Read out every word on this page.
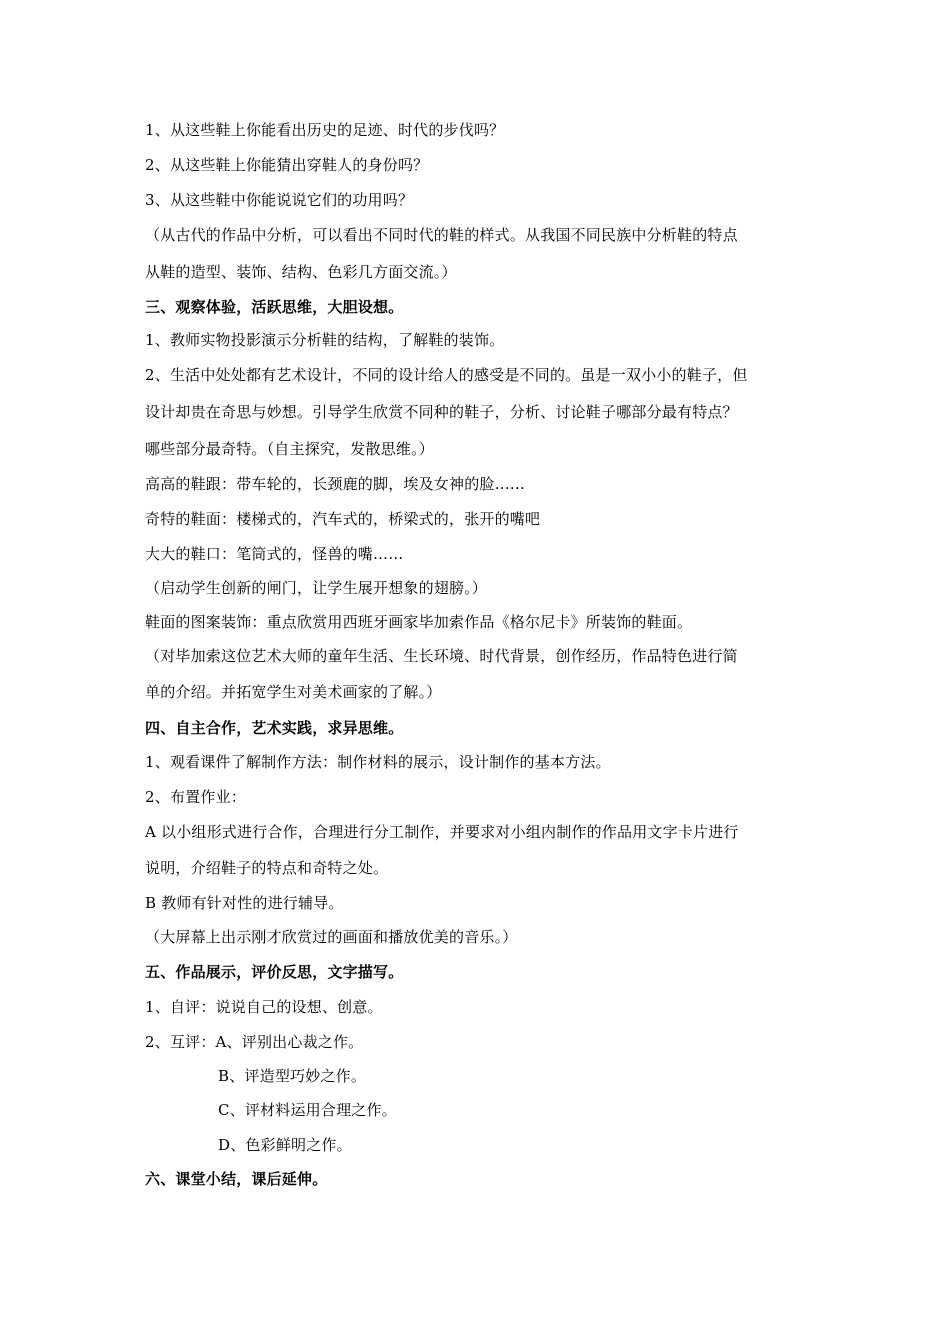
1、从这些鞋上你能看出历史的足迹、时代的步伐吗？
2、从这些鞋上你能猜出穿鞋人的身份吗？
3、从这些鞋中你能说说它们的功用吗？
（从古代的作品中分析，可以看出不同时代的鞋的样式。从我国不同民族中分析鞋的特点
从鞋的造型、装饰、结构、色彩几方面交流。）
三、观察体验，活跃思维，大胆设想。
1、教师实物投影演示分析鞋的结构，了解鞋的装饰。
2、生活中处处都有艺术设计，不同的设计给人的感受是不同的。虽是一双小小的鞋子，但
设计却贵在奇思与妙想。引导学生欣赏不同种的鞋子，分析、讨论鞋子哪部分最有特点？
哪些部分最奇特。（自主探究，发散思维。）
高高的鞋跟：带车轮的，长颈鹿的脚，埃及女神的脸……
奇特的鞋面：楼梯式的，汽车式的，桥梁式的，张开的嘴吧
大大的鞋口：笔筒式的，怪兽的嘴……
（启动学生创新的闸门，让学生展开想象的翅膀。）
鞋面的图案装饰：重点欣赏用西班牙画家毕加索作品《格尔尼卡》所装饰的鞋面。
（对毕加索这位艺术大师的童年生活、生长环境、时代背景，创作经历，作品特色进行简
单的介绍。并拓宽学生对美术画家的了解。）
四、自主合作，艺术实践，求异思维。
1、观看课件了解制作方法：制作材料的展示，设计制作的基本方法。
2、布置作业：
A 以小组形式进行合作，合理进行分工制作，并要求对小组内制作的作品用文字卡片进行
说明，介绍鞋子的特点和奇特之处。
B 教师有针对性的进行辅导。
（大屏幕上出示刚才欣赏过的画面和播放优美的音乐。）
五、作品展示，评价反思，文字描写。
1、自评：说说自己的设想、创意。
2、互评：A、评别出心裁之作。
B、评造型巧妙之作。
C、评材料运用合理之作。
D、色彩鲜明之作。
六、课堂小结，课后延伸。
